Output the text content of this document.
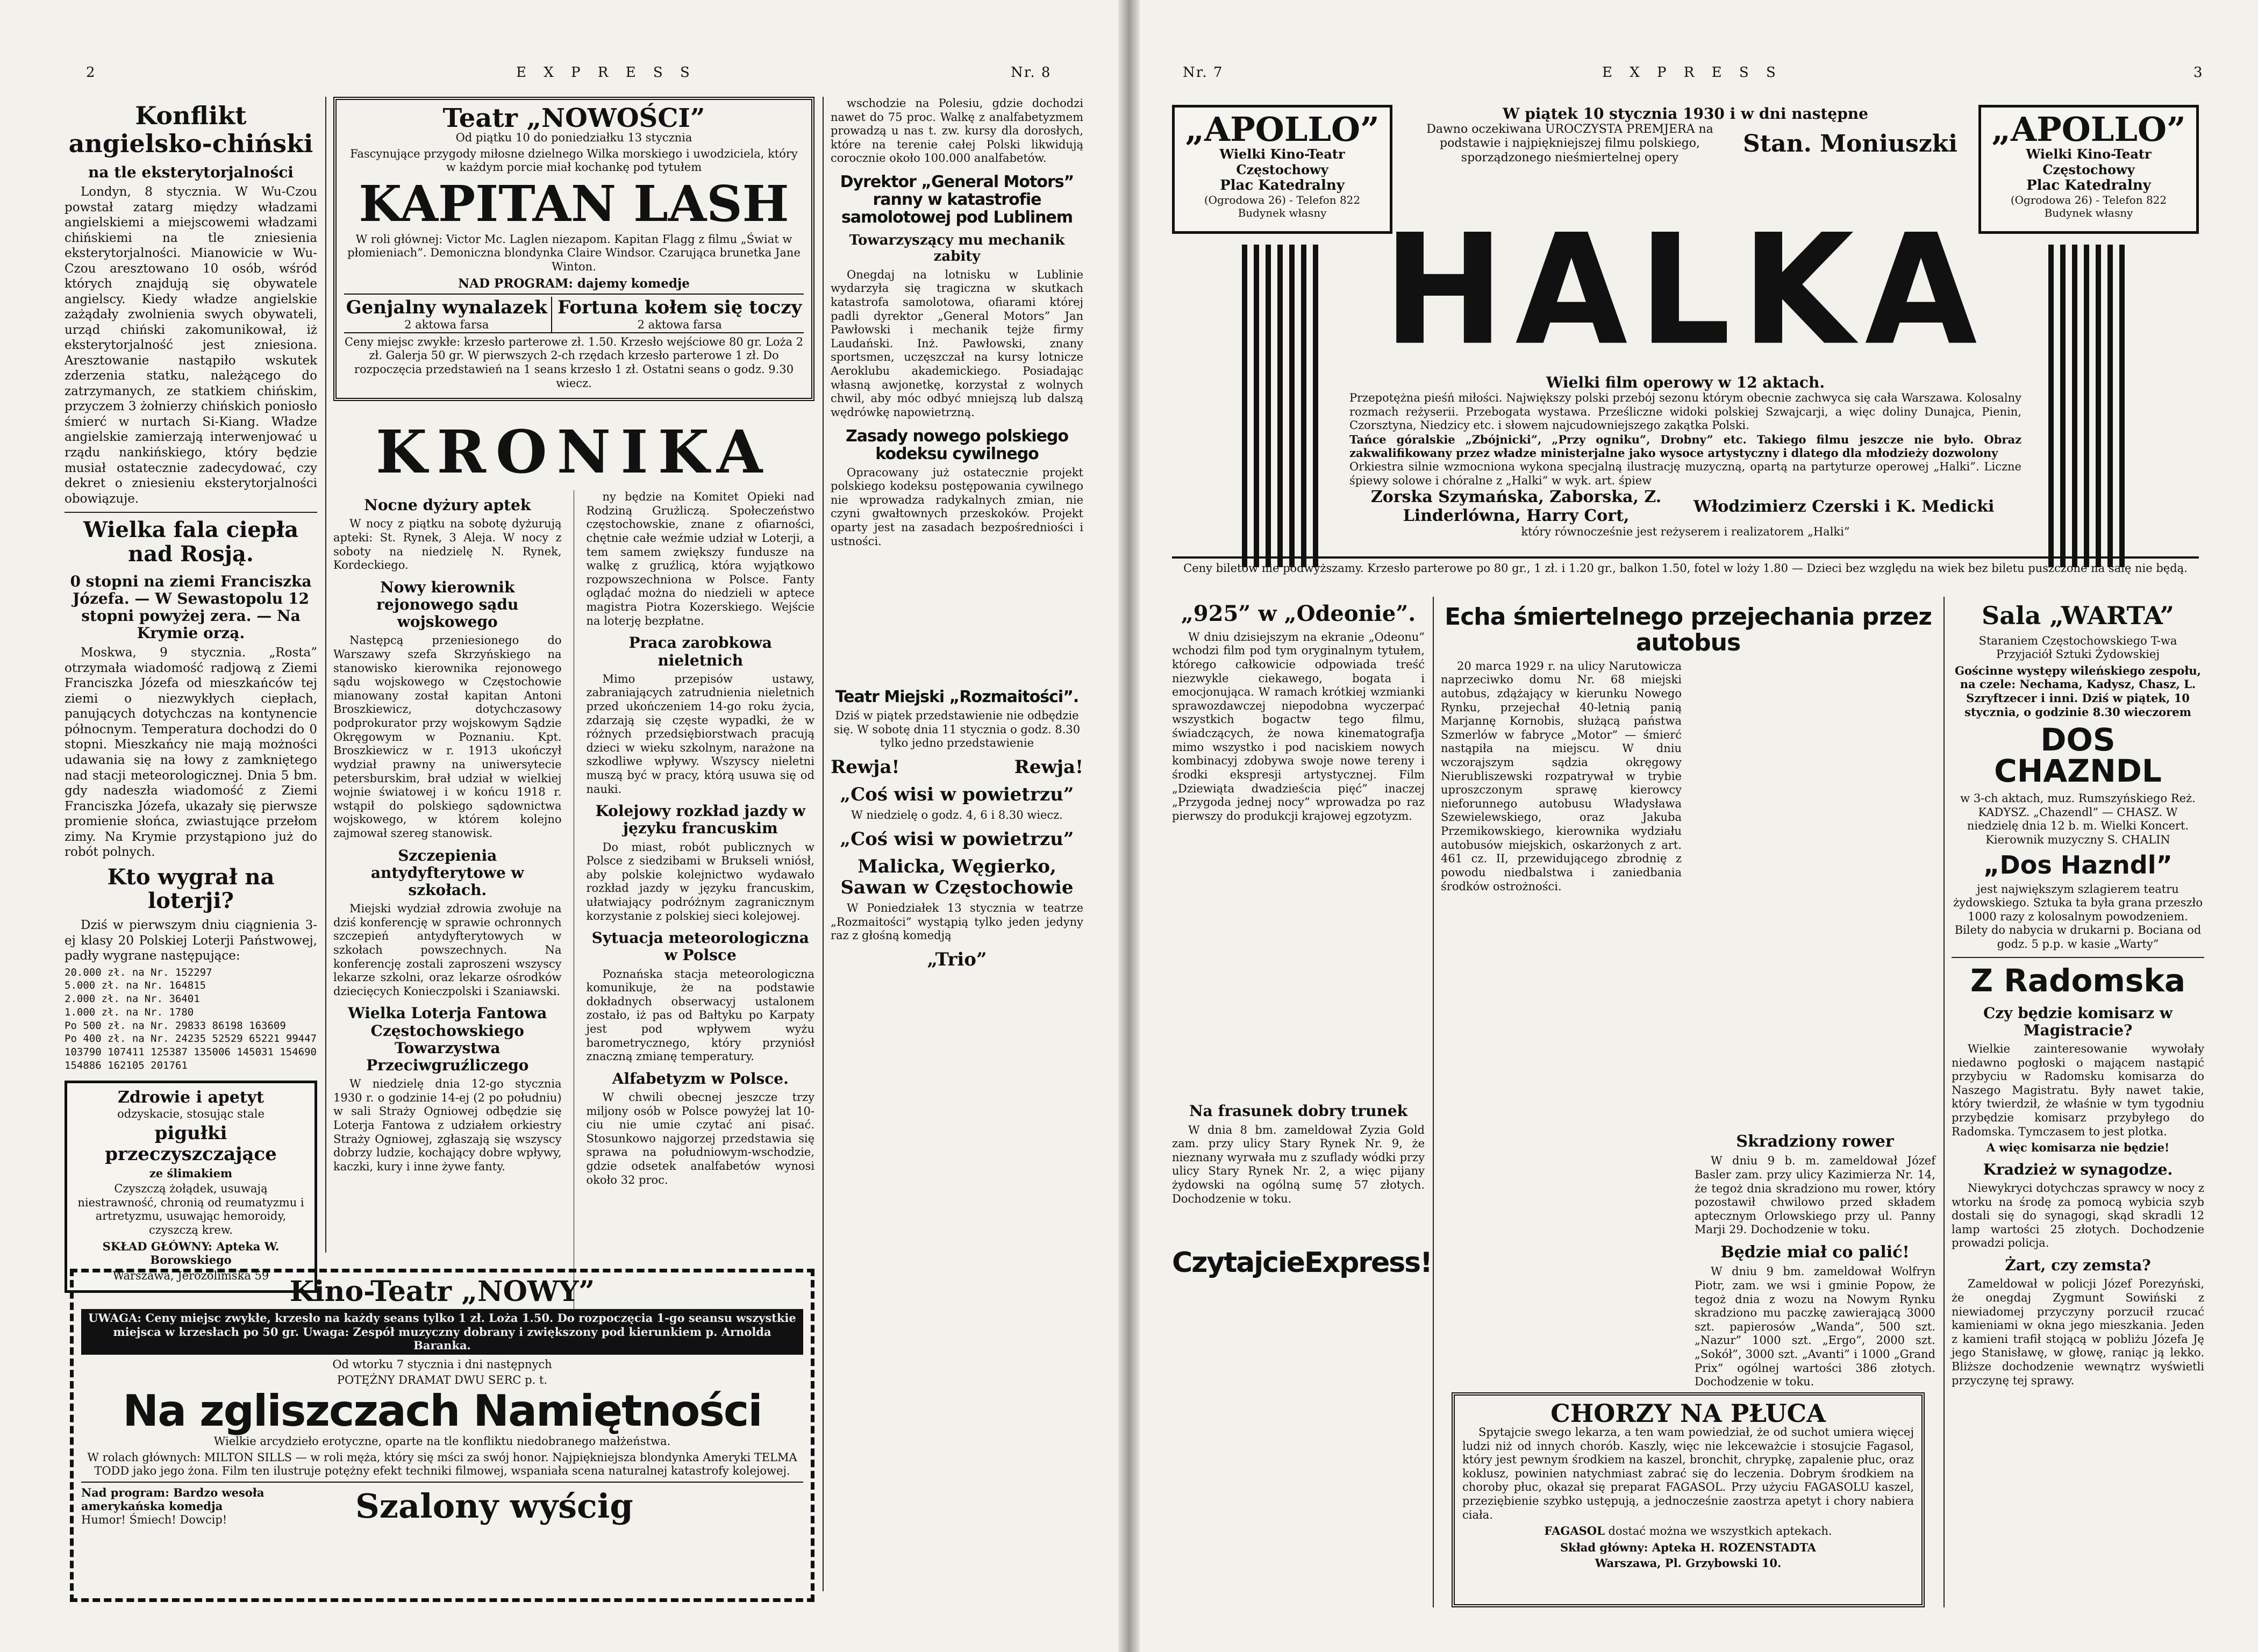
2	E X P R E S S	Nr. 8
Konflikt angielsko-chiński
na tle eksterytorjalności

Londyn, 8 stycznia. W Wu-Czou powstał zatarg między władzami angielskiemi a miejscowemi władzami chińskiemi na tle zniesienia eksterytorjalności. Mianowicie w Wu-Czou aresztowano 10 osób, wśród których znajdują się obywatele angielscy. Kiedy władze angielskie zażądały zwolnienia swych obywateli, urząd chiński zakomunikował, iż eksterytorjalność jest zniesiona. Aresztowanie nastąpiło wskutek zderzenia statku, należącego do zatrzymanych, ze statkiem chińskim, przyczem 3 żołnierzy chińskich poniosło śmierć w nurtach Si-Kiang. Władze angielskie zamierzają interwenjować u rządu nankińskiego, który będzie musiał ostatecznie zadecydować, czy dekret o zniesieniu eksterytorjalności obowiązuje.

Wielka fala ciepła nad Rosją.
0 stopni na ziemi Franciszka Józefa. — W Sewastopolu 12 stopni powyżej zera. — Na Krymie orzą.

Moskwa, 9 stycznia. „Rosta” otrzymała wiadomość radjową z Ziemi Franciszka Józefa od mieszkańców tej ziemi o niezwykłych ciepłach, panujących dotychczas na kontynencie północnym. Temperatura dochodzi do 0 stopni. Mieszkańcy nie mają możności udawania się na łowy z zamkniętego nad stacji meteorologicznej. Dnia 5 bm. gdy nadeszła wiadomość z Ziemi Franciszka Józefa, ukazały się pierwsze promienie słońca, zwiastujące przełom zimy. Na Krymie przystąpiono już do robót polnych.

Kto wygrał na loterji?

Dziś w pierwszym dniu ciągnienia 3-ej klasy 20 Polskiej Loterji Państwowej, padły wygrane następujące:

20.000 zł. na Nr. 152297
5.000 zł. na Nr. 164815
2.000 zł. na Nr. 36401
1.000 zł. na Nr. 1780
Po 500 zł. na Nr. 29833 86198 163609
Po 400 zł. na Nr. 24235 52529 65221 99447 103790 107411 125387 135006 145031 154690 154886 162105 201761
Zdrowie i apetyt
odzyskacie, stosując stale
pigułki przeczyszczające
ze ślimakiem
Czyszczą żołądek, usuwają niestrawność, chronią od reumatyzmu i artretyzmu, usuwając hemoroidy, czyszczą krew.
SKŁAD GŁÓWNY: Apteka W. Borowskiego
Warszawa, Jerozolimska 59
Teatr „NOWOŚCI”
Od piątku 10 do poniedziałku 13 stycznia
Fascynujące przygody miłosne dzielnego Wilka morskiego i uwodziciela, który w każdym porcie miał kochankę pod tytułem
KAPITAN LASH
W roli głównej: Victor Mc. Laglen niezapom. Kapitan Flagg z filmu „Świat w płomieniach”. Demoniczna blondynka Claire Windsor. Czarująca brunetka Jane Winton.
NAD PROGRAM: dajemy komedje
Genjalny wynalazek
2 aktowa farsa
Fortuna kołem się toczy
2 aktowa farsa
Ceny miejsc zwykłe: krzesło parterowe zł. 1.50. Krzesło wejściowe 80 gr. Loża 2 zł. Galerja 50 gr. W pierwszych 2-ch rzędach krzesło parterowe 1 zł. Do rozpoczęcia przedstawień na 1 seans krzesło 1 zł. Ostatni seans o godz. 9.30 wiecz.
KRONIKA
Nocne dyżury aptek

W nocy z piątku na sobotę dyżurują apteki: St. Rynek, 3 Aleja. W nocy z soboty na niedzielę N. Rynek, Kordeckiego.

Nowy kierownik rejonowego sądu wojskowego

Następcą przeniesionego do Warszawy szefa Skrzyńskiego na stanowisko kierownika rejonowego sądu wojskowego w Częstochowie mianowany został kapitan Antoni Broszkiewicz, dotychczasowy podprokurator przy wojskowym Sądzie Okręgowym w Poznaniu. Kpt. Broszkiewicz w r. 1913 ukończył wydział prawny na uniwersytecie petersburskim, brał udział w wielkiej wojnie światowej i w końcu 1918 r. wstąpił do polskiego sądownictwa wojskowego, w którem kolejno zajmował szereg stanowisk.

Szczepienia antydyfterytowe w szkołach.

Miejski wydział zdrowia zwołuje na dziś konferencję w sprawie ochronnych szczepień antydyfterytowych w szkołach powszechnych. Na konferencję zostali zaproszeni wszyscy lekarze szkolni, oraz lekarze ośrodków dziecięcych Konieczpolski i Szaniawski.

Wielka Loterja Fantowa Częstochowskiego Towarzystwa Przeciwgruźliczego

W niedzielę dnia 12-go stycznia 1930 r. o godzinie 14-ej (2 po południu) w sali Straży Ogniowej odbędzie się Loterja Fantowa z udziałem orkiestry Straży Ogniowej, zgłaszają się wszyscy dobrzy ludzie, kochający dobre wpływy, kaczki, kury i inne żywe fanty.

ny będzie na Komitet Opieki nad Rodziną Grużliczą. Społeczeństwo częstochowskie, znane z ofiarności, chętnie całe weźmie udział w Loterji, a tem samem zwiększy fundusze na walkę z gruźlicą, która wyjątkowo rozpowszechniona w Polsce. Fanty oglądać można do niedzieli w aptece magistra Piotra Kozerskiego. Wejście na loterję bezpłatne.

Praca zarobkowa nieletnich

Mimo przepisów ustawy, zabraniających zatrudnienia nieletnich przed ukończeniem 14-go roku życia, zdarzają się częste wypadki, że w różnych przedsiębiorstwach pracują dzieci w wieku szkolnym, narażone na szkodliwe wpływy. Wszyscy nieletni muszą być w pracy, którą usuwa się od nauki.

Kolejowy rozkład jazdy w języku francuskim

Do miast, robót publicznych w Polsce z siedzibami w Brukseli wniósł, aby polskie kolejnictwo wydawało rozkład jazdy w języku francuskim, ułatwiający podróżnym zagranicznym korzystanie z polskiej sieci kolejowej.

Sytuacja meteorologiczna w Polsce

Poznańska stacja meteorologiczna komunikuje, że na podstawie dokładnych obserwacyj ustalonem zostało, iż pas od Bałtyku po Karpaty jest pod wpływem wyżu barometrycznego, który przyniósł znaczną zmianę temperatury.

Alfabetyzm w Polsce.

W chwili obecnej jeszcze trzy miljony osób w Polsce powyżej lat 10-ciu nie umie czytać ani pisać. Stosunkowo najgorzej przedstawia się sprawa na południowym-wschodzie, gdzie odsetek analfabetów wynosi około 32 proc.

wschodzie na Polesiu, gdzie dochodzi nawet do 75 proc. Walkę z analfabetyzmem prowadzą u nas t. zw. kursy dla dorosłych, które na terenie całej Polski likwidują corocznie około 100.000 analfabetów.

Dyrektor „General Motors” ranny w katastrofie samolotowej pod Lublinem
Towarzyszący mu mechanik zabity

Onegdaj na lotnisku w Lublinie wydarzyła się tragiczna w skutkach katastrofa samolotowa, ofiarami której padli dyrektor „General Motors” Jan Pawłowski i mechanik tejże firmy Laudański. Inż. Pawłowski, znany sportsmen, uczęszczał na kursy lotnicze Aeroklubu akademickiego. Posiadając własną awjonetkę, korzystał z wolnych chwil, aby móc odbyć mniejszą lub dalszą wędrówkę napowietrzną.

Zasady nowego polskiego kodeksu cywilnego

Opracowany już ostatecznie projekt polskiego kodeksu postępowania cywilnego nie wprowadza radykalnych zmian, nie czyni gwałtownych przeskoków. Projekt oparty jest na zasadach bezpośredniości i ustności.

Teatr Miejski „Rozmaitości”.

Dziś w piątek przedstawienie nie odbędzie się. W sobotę dnia 11 stycznia o godz. 8.30 tylko jedno przedstawienie

Rewja!	Rewja!
„Coś wisi w powietrzu”

W niedzielę o godz. 4, 6 i 8.30 wiecz.

„Coś wisi w powietrzu”
Malicka, Węgierko, Sawan w Częstochowie

W Poniedziałek 13 stycznia w teatrze „Rozmaitości” wystąpią tylko jeden jedyny raz z głośną komedją

„Trio”
Kino-Teatr „NOWY”
UWAGA: Ceny miejsc zwykłe, krzesło na każdy seans tylko 1 zł. Loża 1.50. Do rozpoczęcia 1-go seansu wszystkie miejsca w krzesłach po 50 gr. Uwaga: Zespół muzyczny dobrany i zwiększony pod kierunkiem p. Arnolda Baranka.
Od wtorku 7 stycznia i dni następnych
POTĘŻNY DRAMAT DWU SERC p. t.
Na zgliszczach Namiętności
Wielkie arcydzieło erotyczne, oparte na tle konfliktu niedobranego małżeństwa.
W rolach głównych: MILTON SILLS — w roli męża, który się mści za swój honor. Najpiękniejsza blondynka Ameryki TELMA TODD jako jego żona. Film ten ilustruje potężny efekt techniki filmowej, wspaniała scena naturalnej katastrofy kolejowej.
Nad program: Bardzo wesoła amerykańska komedja
Humor! Śmiech! Dowcip!	Szalony wyścig
Nr. 7	E X P R E S S	3
„APOLLO”
Wielki Kino-Teatr Częstochowy
Plac Katedralny
(Ogrodowa 26) - Telefon 822
Budynek własny
„APOLLO”
Wielki Kino-Teatr Częstochowy
Plac Katedralny
(Ogrodowa 26) - Telefon 822
Budynek własny
W piątek 10 stycznia 1930 i w dni następne
Dawno oczekiwana UROCZYSTA PREMJERA na podstawie i najpiękniejszej filmu polskiego, sporządzonego nieśmiertelnej opery
Stan. Moniuszki
HALKA
Wielki film operowy w 12 aktach.
Przepotężna pieśń miłości. Największy polski przebój sezonu którym obecnie zachwyca się cała Warszawa. Kolosalny rozmach reżyserii. Przebogata wystawa. Prześliczne widoki polskiej Szwajcarji, a więc doliny Dunajca, Pienin, Czorsztyna, Niedzicy etc. i słowem najcudowniejszego zakątka Polski.
Tańce góralskie „Zbójnicki”, „Przy ogniku”, Drobny” etc. Takiego filmu jeszcze nie było. Obraz zakwalifikowany przez władze ministerjalne jako wysoce artystyczny i dlatego dla młodzieży dozwolony
Orkiestra silnie wzmocniona wykona specjalną ilustrację muzyczną, opartą na partyturze operowej „Halki”. Liczne śpiewy solowe i chóralne z „Halki” w wyk. art. śpiew
Zorska Szymańska, Zaborska, Z. Linderlówna, Harry Cort,	Włodzimierz Czerski i K. Medicki
który równocześnie jest reżyserem i realizatorem „Halki”
Ceny biletów nie podwyższamy. Krzesło parterowe po 80 gr., 1 zł. i 1.20 gr., balkon 1.50, fotel w loży 1.80 — Dzieci bez względu na wiek bez biletu puszczone na salę nie będą.
„925” w „Odeonie”.

W dniu dzisiejszym na ekranie „Odeonu” wchodzi film pod tym oryginalnym tytułem, którego całkowicie odpowiada treść niezwykle ciekawego, bogata i emocjonująca. W ramach krótkiej wzmianki sprawozdawczej niepodobna wyczerpać wszystkich bogactw tego filmu, świadczących, że nowa kinematografja mimo wszystko i pod naciskiem nowych kombinacyj zdobywa swoje nowe tereny i środki ekspresji artystycznej. Film „Dziewiąta dwadzieścia pięć” inaczej „Przygoda jednej nocy” wprowadza po raz pierwszy do produkcji krajowej egzotyzm.

Na frasunek dobry trunek

W dnia 8 bm. zameldował Zyzia Gold zam. przy ulicy Stary Rynek Nr. 9, że nieznany wyrwała mu z szuflady wódki przy ulicy Stary Rynek Nr. 2, a więc pijany żydowski na ogólną sumę 57 złotych. Dochodzenie w toku.

CzytajcieExpress!
Echa śmiertelnego przejechania przez autobus

20 marca 1929 r. na ulicy Narutowicza naprzeciwko domu Nr. 68 miejski autobus, zdążający w kierunku Nowego Rynku, przejechał 40-letnią panią Marjannę Kornobis, służącą państwa Szmerlów w fabryce „Motor” — śmierć nastąpiła na miejscu. W dniu wczorajszym sądzia okręgowy Nierubliszewski rozpatrywał w trybie uproszczonym sprawę kierowcy nieforunnego autobusu Władysława Szewielewskiego, oraz Jakuba Przemikowskiego, kierownika wydziału autobusów miejskich, oskarżonych z art. 461 cz. II, przewidującego zbrodnię z powodu niedbalstwa i zaniedbania środków ostrożności.

Skradziony rower

W dniu 9 b. m. zameldował Józef Basler zam. przy ulicy Kazimierza Nr. 14, że tegoż dnia skradziono mu rower, który pozostawił chwilowo przed składem aptecznym Orlowskiego przy ul. Panny Marji 29. Dochodzenie w toku.

Będzie miał co palić!

W dniu 9 bm. zameldował Wolfryn Piotr, zam. we wsi i gminie Popow, że tegoż dnia z wozu na Nowym Rynku skradziono mu paczkę zawierającą 3000 szt. papierosów „Wanda”, 500 szt. „Nazur” 1000 szt. „Ergo”, 2000 szt. „Sokół”, 3000 szt. „Avanti” i 1000 „Grand Prix” ogólnej wartości 386 złotych. Dochodzenie w toku.

CHORZY NA PŁUCA

Spytajcie swego lekarza, a ten wam powiedział, że od suchot umiera więcej ludzi niż od innych chorób. Kaszly, więc nie lekceważcie i stosujcie Fagasol, który jest pewnym środkiem na kaszel, bronchit, chrypkę, zapalenie płuc, oraz koklusz, powinien natychmiast zabrać się do leczenia. Dobrym środkiem na choroby płuc, okazał się preparat FAGASOL. Przy użyciu FAGASOLU kaszel, przeziębienie szybko ustępują, a jednocześnie zaostrza apetyt i chory nabiera ciała.

FAGASOL dostać można we wszystkich aptekach.
Skład główny: Apteka H. ROZENSTADTA
Warszawa, Pl. Grzybowski 10.
Sala „WARTA”
Staraniem Częstochowskiego T-wa Przyjaciół Sztuki Żydowskiej
Gościnne występy wileńskiego zespołu, na czele: Nechama, Kadysz, Chasz, L. Szryftzecer i inni. Dziś w piątek, 10 stycznia, o godzinie 8.30 wieczorem
DOS CHAZNDL
w 3-ch aktach, muz. Rumszyńskiego Reż. KADYSZ. „Chazendl” — CHASZ. W niedzielę dnia 12 b. m. Wielki Koncert. Kierownik muzyczny S. CHALIN
„Dos Hazndl”
jest największym szlagierem teatru żydowskiego. Sztuka ta była grana przeszło 1000 razy z kolosalnym powodzeniem. Bilety do nabycia w drukarni p. Bociana od godz. 5 p.p. w kasie „Warty”
Z Radomska
Czy będzie komisarz w Magistracie?

Wielkie zainteresowanie wywołały niedawno pogłoski o mającem nastąpić przybyciu w Radomsku komisarza do Naszego Magistratu. Były nawet takie, który twierdził, że właśnie w tym tygodniu przybędzie komisarz przybyłego do Radomska. Tymczasem to jest plotka.

A więc komisarza nie będzie!
Kradzież w synagodze.

Niewykryci dotychczas sprawcy w nocy z wtorku na środę za pomocą wybicia szyb dostali się do synagogi, skąd skradli 12 lamp wartości 25 złotych. Dochodzenie prowadzi policja.

Żart, czy zemsta?

Zameldował w policji Józef Porezyński, że onegdaj Zygmunt Sowiński z niewiadomej przyczyny porzucił rzucać kamieniami w okna jego mieszkania. Jeden z kamieni trafił stojącą w pobliżu Józefa Ję jego Stanisławę, w głowę, raniąc ją lekko. Bliższe dochodzenie wewnątrz wyświetli przyczynę tej sprawy.
